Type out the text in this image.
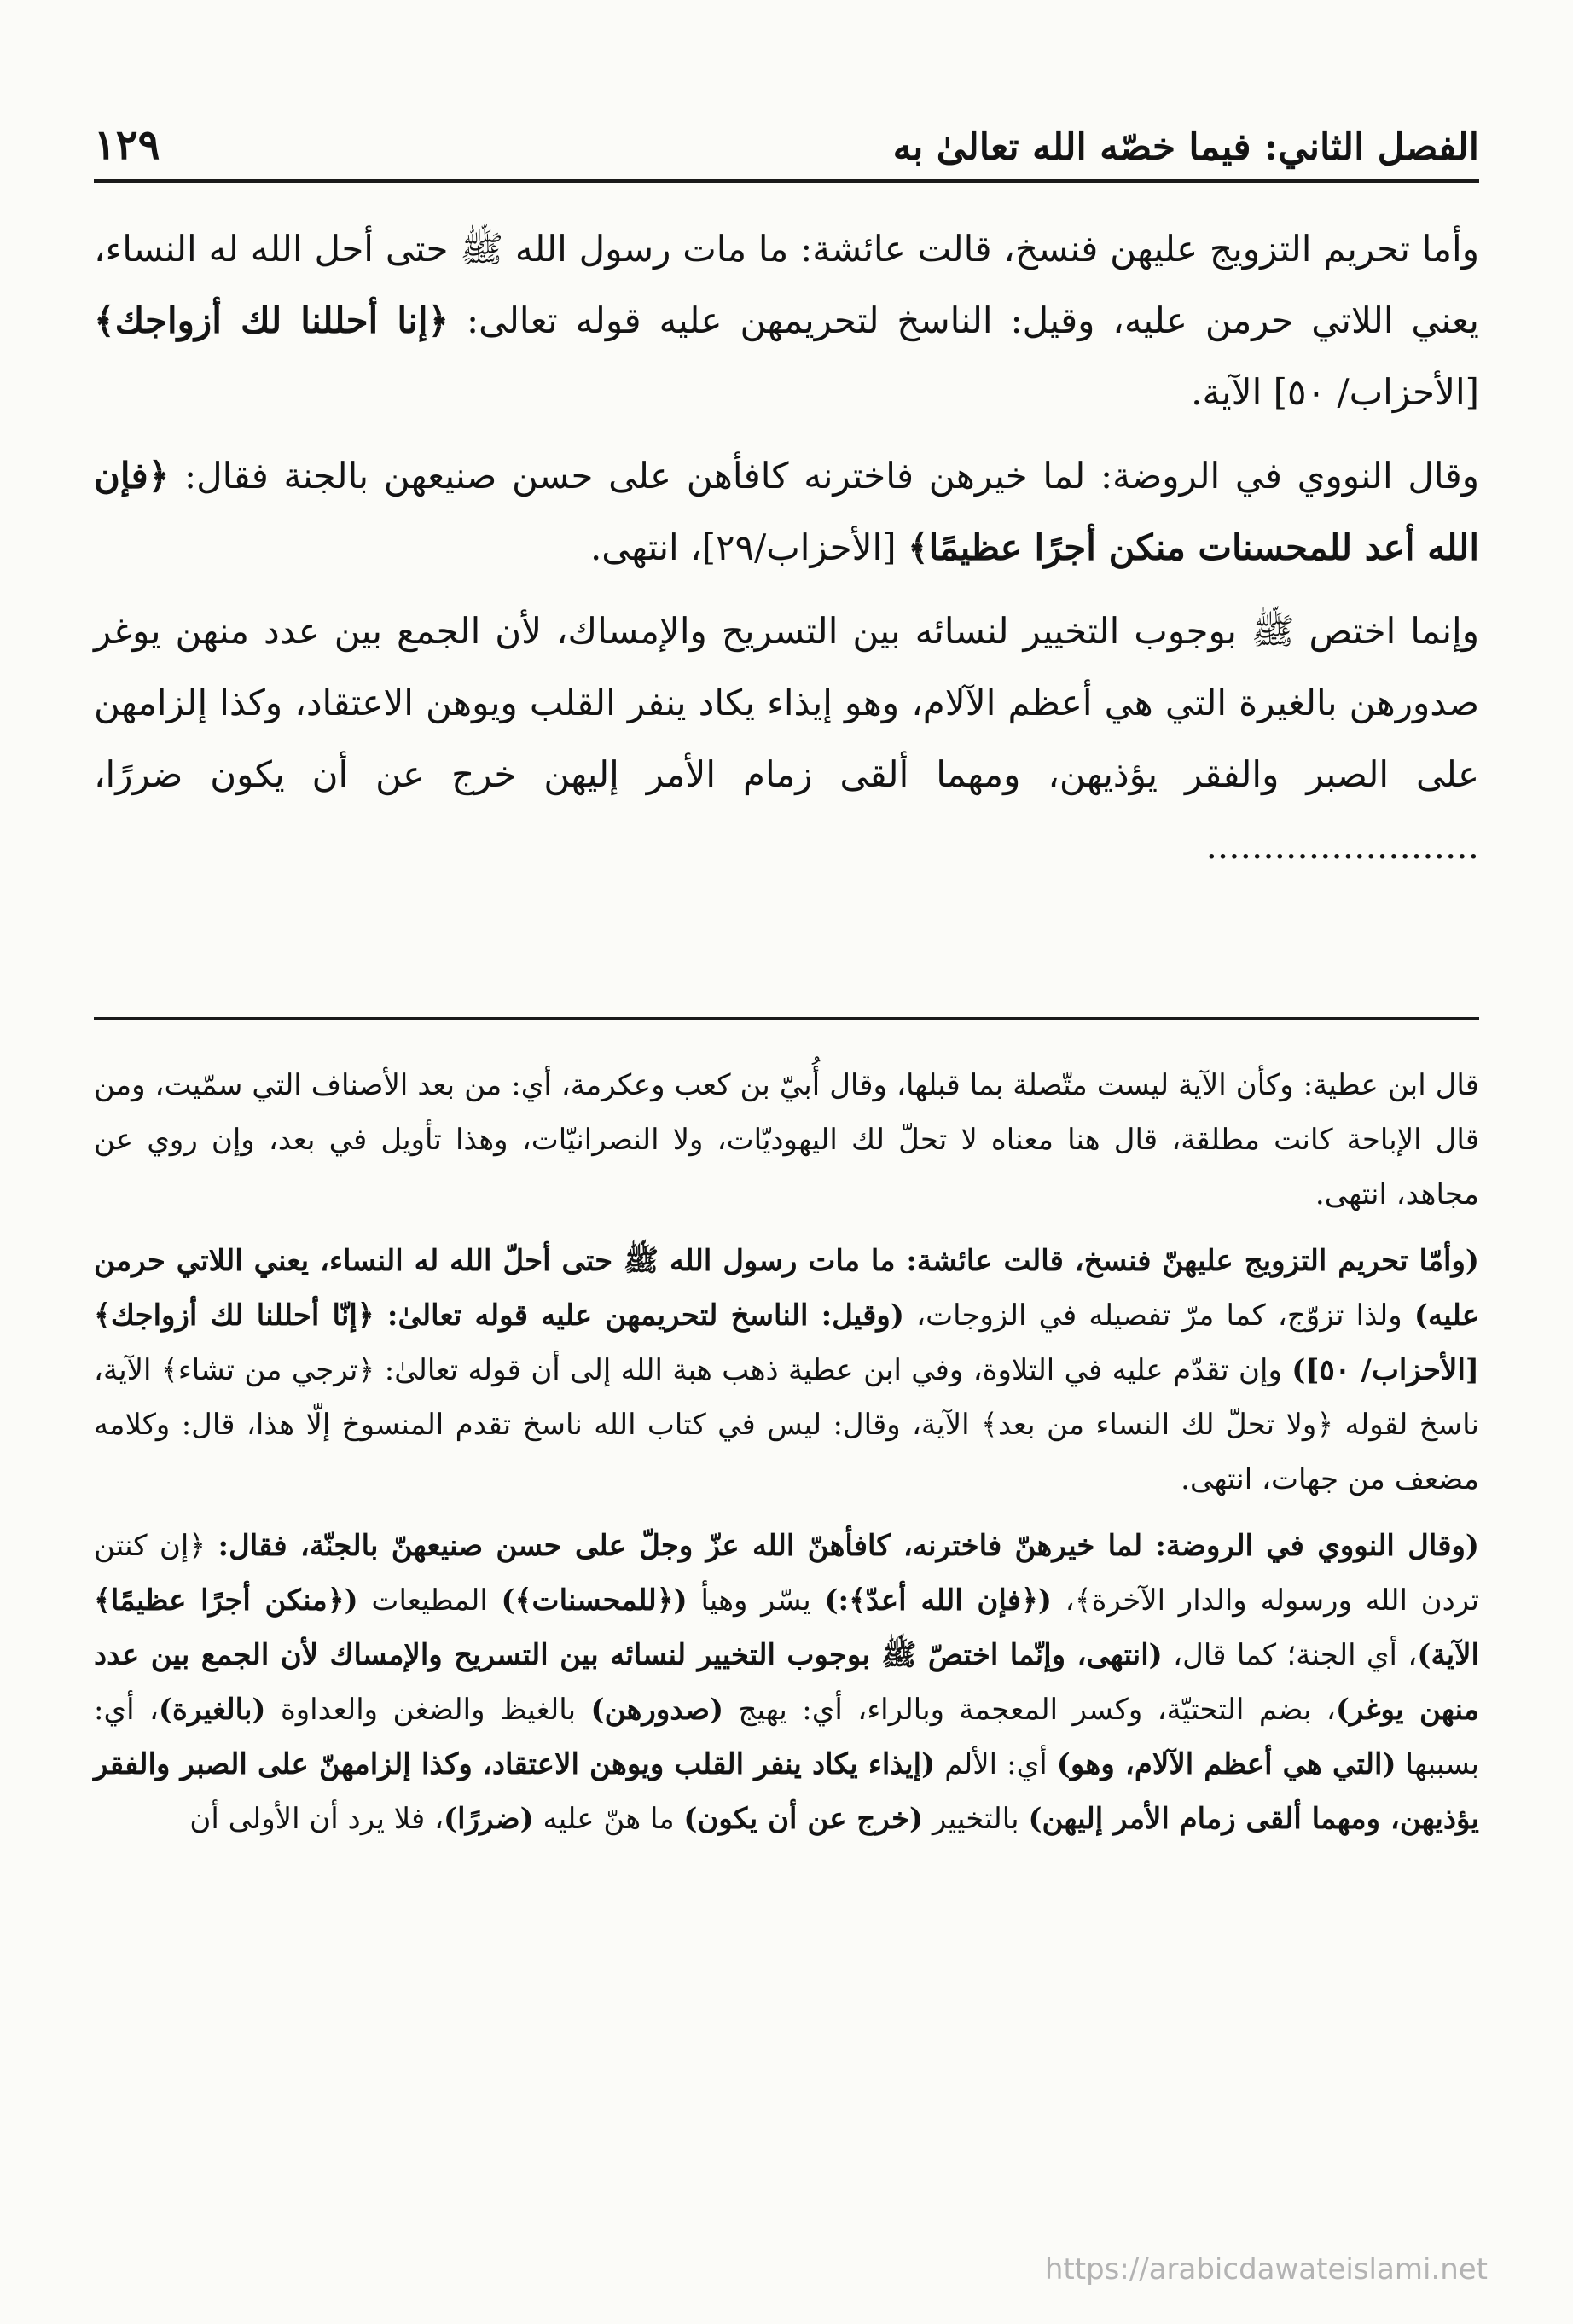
١٢٩	الفصل الثاني: فيما خصّه الله تعالىٰ به

وأما تحريم التزويج عليهن فنسخ، قالت عائشة: ما مات رسول الله ﷺ حتى أحل الله له النساء، يعني اللاتي حرمن عليه، وقيل: الناسخ لتحريمهن عليه قوله تعالى: ﴿إنا أحللنا لك أزواجك﴾ [الأحزاب/ ٥٠] الآية.

وقال النووي في الروضة: لما خيرهن فاخترنه كافأهن على حسن صنيعهن بالجنة فقال: ﴿فإن الله أعد للمحسنات منكن أجرًا عظيمًا﴾ [الأحزاب/٢٩]، انتهى.

وإنما اختص ﷺ بوجوب التخيير لنسائه بين التسريح والإمساك، لأن الجمع بين عدد منهن يوغر صدورهن بالغيرة التي هي أعظم الآلام، وهو إيذاء يكاد ينفر القلب ويوهن الاعتقاد، وكذا إلزامهن على الصبر والفقر يؤذيهن، ومهما ألقى زمام الأمر إليهن خرج عن أن يكون ضررًا، ........................

قال ابن عطية: وكأن الآية ليست متّصلة بما قبلها، وقال أُبيّ بن كعب وعكرمة، أي: من بعد الأصناف التي سمّيت، ومن قال الإباحة كانت مطلقة، قال هنا معناه لا تحلّ لك اليهوديّات، ولا النصرانيّات، وهذا تأويل في بعد، وإن روي عن مجاهد، انتهى.

(وأمّا تحريم التزويج عليهنّ فنسخ، قالت عائشة: ما مات رسول الله ﷺ حتى أحلّ الله له النساء، يعني اللاتي حرمن عليه) ولذا تزوّج، كما مرّ تفصيله في الزوجات، (وقيل: الناسخ لتحريمهن عليه قوله تعالىٰ: ﴿إنّا أحللنا لك أزواجك﴾ [الأحزاب/ ٥٠]) وإن تقدّم عليه في التلاوة، وفي ابن عطية ذهب هبة الله إلى أن قوله تعالىٰ: ﴿ترجي من تشاء﴾ الآية، ناسخ لقوله ﴿ولا تحلّ لك النساء من بعد﴾ الآية، وقال: ليس في كتاب الله ناسخ تقدم المنسوخ إلّا هذا، قال: وكلامه مضعف من جهات، انتهى.

(وقال النووي في الروضة: لما خيرهنّ فاخترنه، كافأهنّ الله عزّ وجلّ على حسن صنيعهنّ بالجنّة، فقال: ﴿إن كنتن تردن الله ورسوله والدار الآخرة﴾، (﴿فإن الله أعدّ﴾:) يسّر وهيأ (﴿للمحسنات﴾) المطيعات (﴿منكن أجرًا عظيمًا﴾ الآية)، أي الجنة؛ كما قال، (انتهى، وإنّما اختصّ ﷺ بوجوب التخيير لنسائه بين التسريح والإمساك لأن الجمع بين عدد منهن يوغر)، بضم التحتيّة، وكسر المعجمة وبالراء، أي: يهيج (صدورهن) بالغيظ والضغن والعداوة (بالغيرة)، أي: بسببها (التي هي أعظم الآلام، وهو) أي: الألم (إيذاء يكاد ينفر القلب ويوهن الاعتقاد، وكذا إلزامهنّ على الصبر والفقر يؤذيهن، ومهما ألقى زمام الأمر إليهن) بالتخيير (خرج عن أن يكون) ما هنّ عليه (ضررًا)، فلا يرد أن الأولى أن

https://arabicdawateislami.net
